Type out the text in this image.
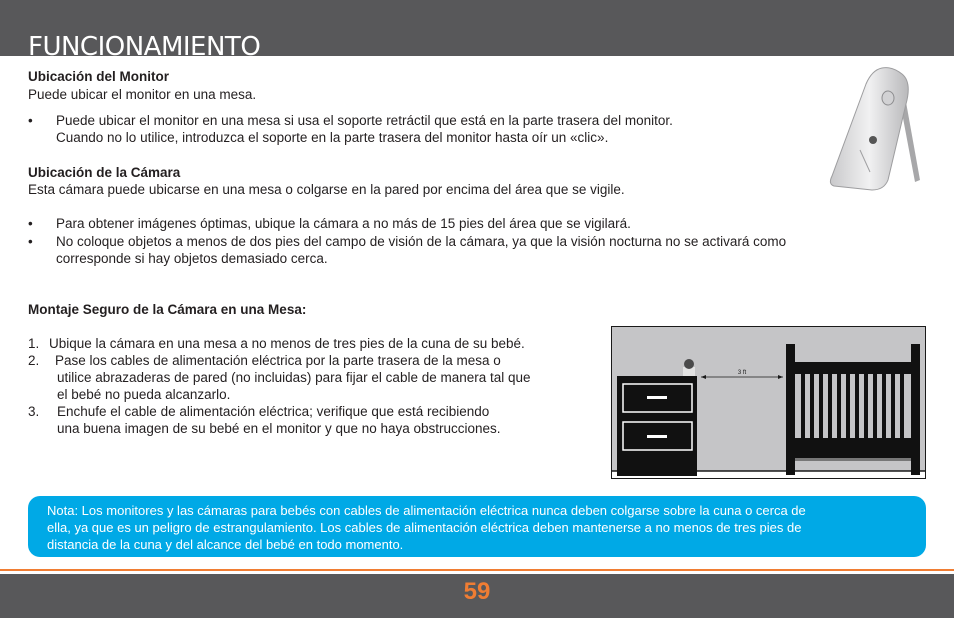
FUNCIONAMIENTO

Ubicación del Monitor

Puede ubicar el monitor en una mesa.

• Puede ubicar el monitor en una mesa si usa el soporte retráctil que está en la parte trasera del monitor.
Cuando no lo utilice, introduzca el soporte en la parte trasera del monitor hasta oír un «clic».

Ubicación de la Cámara

Esta cámara puede ubicarse en una mesa o colgarse en la pared por encima del área que se vigile.

• Para obtener imágenes óptimas, ubique la cámara a no más de 15 pies del área que se vigilará.
• No coloque objetos a menos de dos pies del campo de visión de la cámara, ya que la visión nocturna no se activará como
corresponde si hay objetos demasiado cerca.

Montaje Seguro de la Cámara en una Mesa:

1. Ubique la cámara en una mesa a no menos de tres pies de la cuna de su bebé.
2. Pase los cables de alimentación eléctrica por la parte trasera de la mesa o
utilice abrazaderas de pared (no incluidas) para fijar el cable de manera tal que
el bebé no pueda alcanzarlo.
3. Enchufe el cable de alimentación eléctrica; verifique que está recibiendo
una buena imagen de su bebé en el monitor y que no haya obstrucciones.
3 ft
Nota: Los monitores y las cámaras para bebés con cables de alimentación eléctrica nunca deben colgarse sobre la cuna o cerca de
ella, ya que es un peligro de estrangulamiento. Los cables de alimentación eléctrica deben mantenerse a no menos de tres pies de
distancia de la cuna y del alcance del bebé en todo momento.
59
